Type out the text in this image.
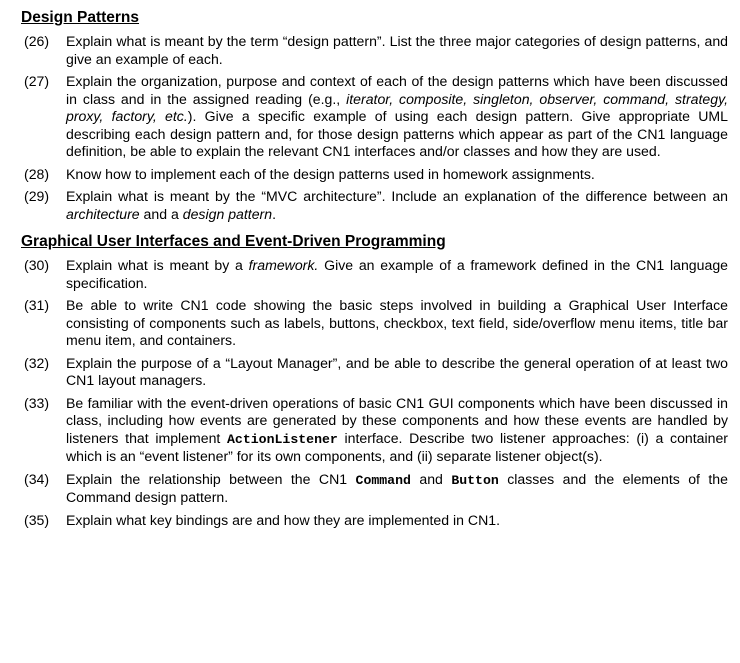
Design Patterns
(26) Explain what is meant by the term “design pattern”. List the three major categories of design patterns, and give an example of each.
(27) Explain the organization, purpose and context of each of the design patterns which have been discussed in class and in the assigned reading (e.g., iterator, composite, singleton, observer, command, strategy, proxy, factory, etc.). Give a specific example of using each design pattern. Give appropriate UML describing each design pattern and, for those design patterns which appear as part of the CN1 language definition, be able to explain the relevant CN1 interfaces and/or classes and how they are used.
(28) Know how to implement each of the design patterns used in homework assignments.
(29) Explain what is meant by the “MVC architecture”. Include an explanation of the difference between an architecture and a design pattern.
Graphical User Interfaces and Event-Driven Programming
(30) Explain what is meant by a framework. Give an example of a framework defined in the CN1 language specification.
(31) Be able to write CN1 code showing the basic steps involved in building a Graphical User Interface consisting of components such as labels, buttons, checkbox, text field, side/overflow menu items, title bar menu item, and containers.
(32) Explain the purpose of a “Layout Manager”, and be able to describe the general operation of at least two CN1 layout managers.
(33) Be familiar with the event-driven operations of basic CN1 GUI components which have been discussed in class, including how events are generated by these components and how these events are handled by listeners that implement ActionListener interface. Describe two listener approaches: (i) a container which is an “event listener” for its own components, and (ii) separate listener object(s).
(34) Explain the relationship between the CN1 Command and Button classes and the elements of the Command design pattern.
(35) Explain what key bindings are and how they are implemented in CN1.
